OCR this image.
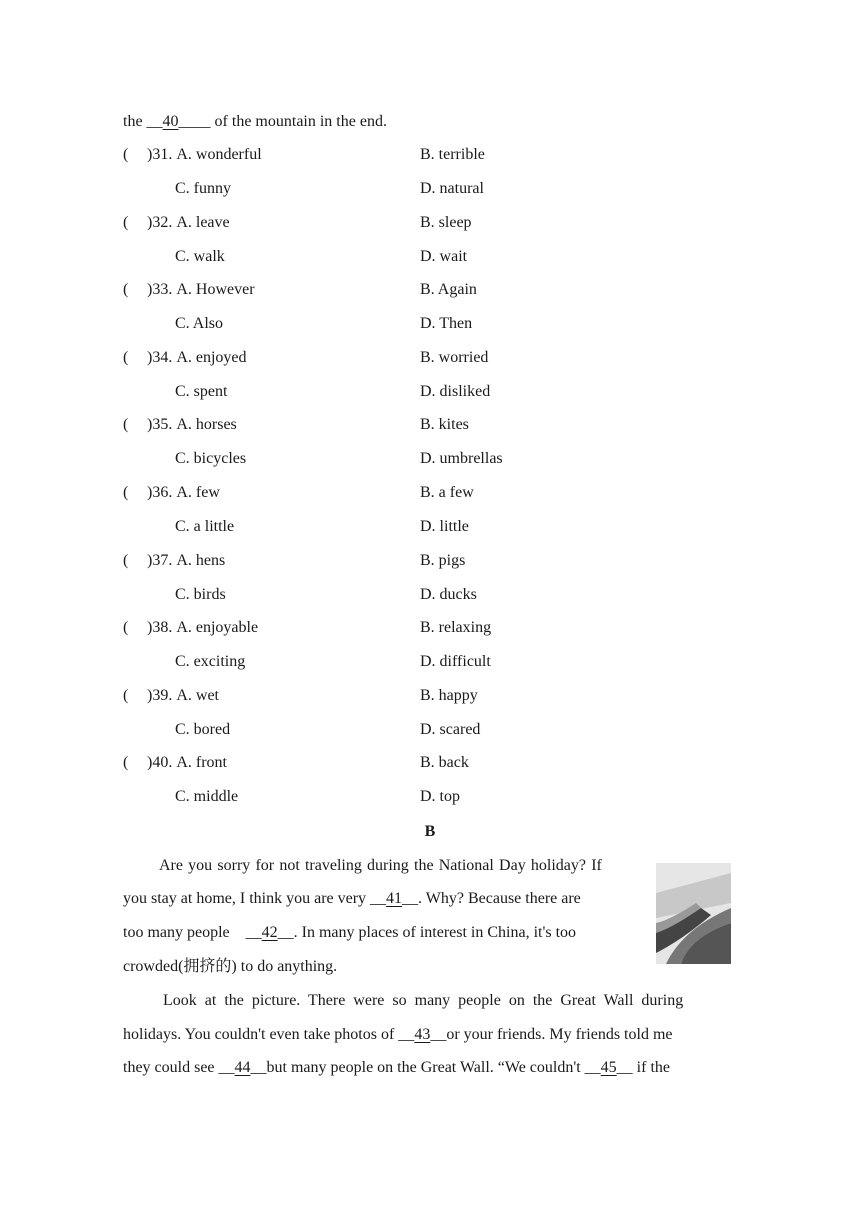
the __40____ of the mountain in the end.
( )31. A. wonderful	B. terrible
C. funny	D. natural
( )32. A. leave	B. sleep
C. walk	D. wait
( )33. A. However	B. Again
C. Also	D. Then
( )34. A. enjoyed	B. worried
C. spent	D. disliked
( )35. A. horses	B. kites
C. bicycles	D. umbrellas
( )36. A. few	B. a few
C. a little	D. little
( )37. A. hens	B. pigs
C. birds	D. ducks
( )38. A. enjoyable	B. relaxing
C. exciting	D. difficult
( )39. A. wet	B. happy
C. bored	D. scared
( )40. A. front	B. back
C. middle	D. top
B
Are you sorry for not traveling during the National Day holiday? If
you stay at home, I think you are very __41__. Why? Because there are
too many people    __42__. In many places of interest in China, it's too
crowded(拥挤的) to do anything.
Look at the picture. There were so many people on the Great Wall during
holidays. You couldn't even take photos of __43__or your friends. My friends told me
they could see __44__but many people on the Great Wall. “We couldn't __45__ if the
